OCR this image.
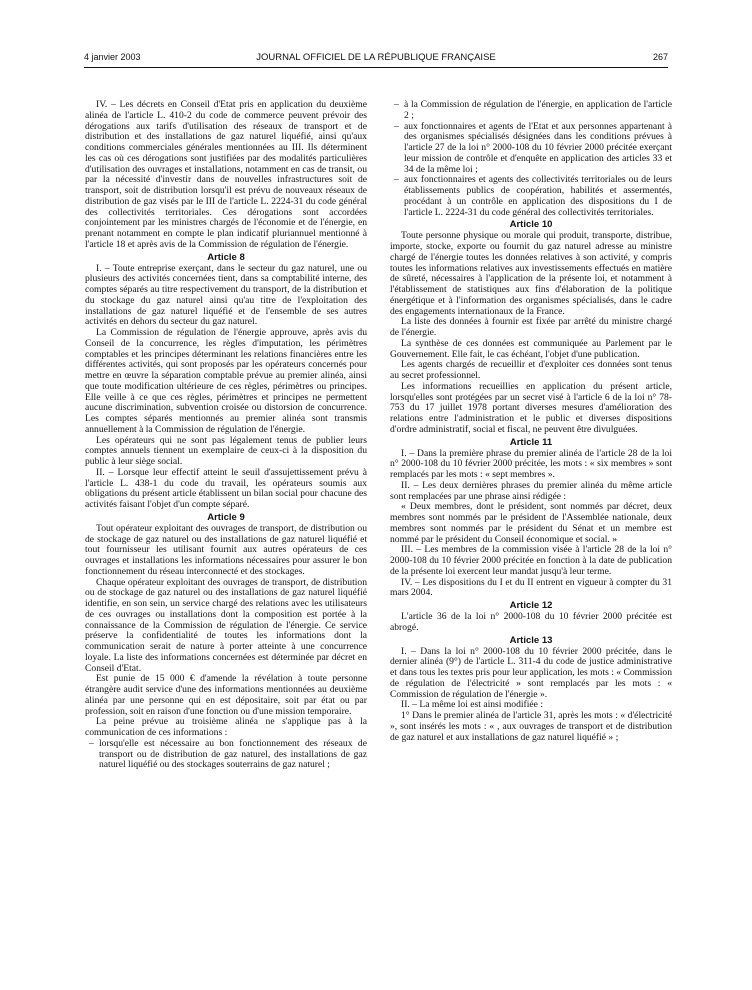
4 janvier 2003	JOURNAL OFFICIEL DE LA RÉPUBLIQUE FRANÇAISE	267

IV. – Les décrets en Conseil d'Etat pris en application du deuxième alinéa de l'article L. 410-2 du code de commerce peuvent prévoir des dérogations aux tarifs d'utilisation des réseaux de transport et de distribution et des installations de gaz naturel liquéfié, ainsi qu'aux conditions commerciales générales mentionnées au III. Ils déterminent les cas où ces dérogations sont justifiées par des modalités particulières d'utilisation des ouvrages et installations, notamment en cas de transit, ou par la nécessité d'investir dans de nouvelles infrastructures soit de transport, soit de distribution lorsqu'il est prévu de nouveaux réseaux de distribution de gaz visés par le III de l'article L. 2224-31 du code général des collectivités territoriales. Ces dérogations sont accordées conjointement par les ministres chargés de l'économie et de l'énergie, en prenant notamment en compte le plan indicatif pluriannuel mentionné à l'article 18 et après avis de la Commission de régulation de l'énergie.

Article 8

I. – Toute entreprise exerçant, dans le secteur du gaz naturel, une ou plusieurs des activités concernées tient, dans sa comptabilité interne, des comptes séparés au titre respectivement du transport, de la distribution et du stockage du gaz naturel ainsi qu'au titre de l'exploitation des installations de gaz naturel liquéfié et de l'ensemble de ses autres activités en dehors du secteur du gaz naturel.

La Commission de régulation de l'énergie approuve, après avis du Conseil de la concurrence, les règles d'imputation, les périmètres comptables et les principes déterminant les relations financières entre les différentes activités, qui sont proposés par les opérateurs concernés pour mettre en œuvre la séparation comptable prévue au premier alinéa, ainsi que toute modification ultérieure de ces règles, périmètres ou principes. Elle veille à ce que ces règles, périmètres et principes ne permettent aucune discrimination, subvention croisée ou distorsion de concurrence. Les comptes séparés mentionnés au premier alinéa sont transmis annuellement à la Commission de régulation de l'énergie.

Les opérateurs qui ne sont pas légalement tenus de publier leurs comptes annuels tiennent un exemplaire de ceux-ci à la disposition du public à leur siège social.

II. – Lorsque leur effectif atteint le seuil d'assujettissement prévu à l'article L. 438-1 du code du travail, les opérateurs soumis aux obligations du présent article établissent un bilan social pour chacune des activités faisant l'objet d'un compte séparé.

Article 9

Tout opérateur exploitant des ouvrages de transport, de distribution ou de stockage de gaz naturel ou des installations de gaz naturel liquéfié et tout fournisseur les utilisant fournit aux autres opérateurs de ces ouvrages et installations les informations nécessaires pour assurer le bon fonctionnement du réseau interconnecté et des stockages.

Chaque opérateur exploitant des ouvrages de transport, de distribution ou de stockage de gaz naturel ou des installations de gaz naturel liquéfié identifie, en son sein, un service chargé des relations avec les utilisateurs de ces ouvrages ou installations dont la composition est portée à la connaissance de la Commission de régulation de l'énergie. Ce service préserve la confidentialité de toutes les informations dont la communication serait de nature à porter atteinte à une concurrence loyale. La liste des informations concernées est déterminée par décret en Conseil d'Etat.

Est punie de 15 000 € d'amende la révélation à toute personne étrangère audit service d'une des informations mentionnées au deuxième alinéa par une personne qui en est dépositaire, soit par état ou par profession, soit en raison d'une fonction ou d'une mission temporaire.

La peine prévue au troisième alinéa ne s'applique pas à la communication de ces informations :

– lorsqu'elle est nécessaire au bon fonctionnement des réseaux de transport ou de distribution de gaz naturel, des installations de gaz naturel liquéfié ou des stockages souterrains de gaz naturel ;
– à la Commission de régulation de l'énergie, en application de l'article 2 ;
– aux fonctionnaires et agents de l'Etat et aux personnes appartenant à des organismes spécialisés désignées dans les conditions prévues à l'article 27 de la loi n° 2000-108 du 10 février 2000 précitée exerçant leur mission de contrôle et d'enquête en application des articles 33 et 34 de la même loi ;
– aux fonctionnaires et agents des collectivités territoriales ou de leurs établissements publics de coopération, habilités et assermentés, procédant à un contrôle en application des dispositions du I de l'article L. 2224-31 du code général des collectivités territoriales.
Article 10

Toute personne physique ou morale qui produit, transporte, distribue, importe, stocke, exporte ou fournit du gaz naturel adresse au ministre chargé de l'énergie toutes les données relatives à son activité, y compris toutes les informations relatives aux investissements effectués en matière de sûreté, nécessaires à l'application de la présente loi, et notamment à l'établissement de statistiques aux fins d'élaboration de la politique énergétique et à l'information des organismes spécialisés, dans le cadre des engagements internationaux de la France.

La liste des données à fournir est fixée par arrêté du ministre chargé de l'énergie.

La synthèse de ces données est communiquée au Parlement par le Gouvernement. Elle fait, le cas échéant, l'objet d'une publication.

Les agents chargés de recueillir et d'exploiter ces données sont tenus au secret professionnel.

Les informations recueillies en application du présent article, lorsqu'elles sont protégées par un secret visé à l'article 6 de la loi n° 78-753 du 17 juillet 1978 portant diverses mesures d'amélioration des relations entre l'administration et le public et diverses dispositions d'ordre administratif, social et fiscal, ne peuvent être divulguées.

Article 11

I. – Dans la première phrase du premier alinéa de l'article 28 de la loi n° 2000-108 du 10 février 2000 précitée, les mots : « six membres » sont remplacés par les mots : « sept membres ».

II. – Les deux dernières phrases du premier alinéa du même article sont remplacées par une phrase ainsi rédigée :

« Deux membres, dont le président, sont nommés par décret, deux membres sont nommés par le président de l'Assemblée nationale, deux membres sont nommés par le président du Sénat et un membre est nommé par le président du Conseil économique et social. »

III. – Les membres de la commission visée à l'article 28 de la loi n° 2000-108 du 10 février 2000 précitée en fonction à la date de publication de la présente loi exercent leur mandat jusqu'à leur terme.

IV. – Les dispositions du I et du II entrent en vigueur à compter du 31 mars 2004.

Article 12

L'article 36 de la loi n° 2000-108 du 10 février 2000 précitée est abrogé.

Article 13

I. – Dans la loi n° 2000-108 du 10 février 2000 précitée, dans le dernier alinéa (9°) de l'article L. 311-4 du code de justice administrative et dans tous les textes pris pour leur application, les mots : « Commission de régulation de l'électricité » sont remplacés par les mots : « Commission de régulation de l'énergie ».

II. – La même loi est ainsi modifiée :

1° Dans le premier alinéa de l'article 31, après les mots : « d'électricité », sont insérés les mots : « , aux ouvrages de transport et de distribution de gaz naturel et aux installations de gaz naturel liquéfié » ;
